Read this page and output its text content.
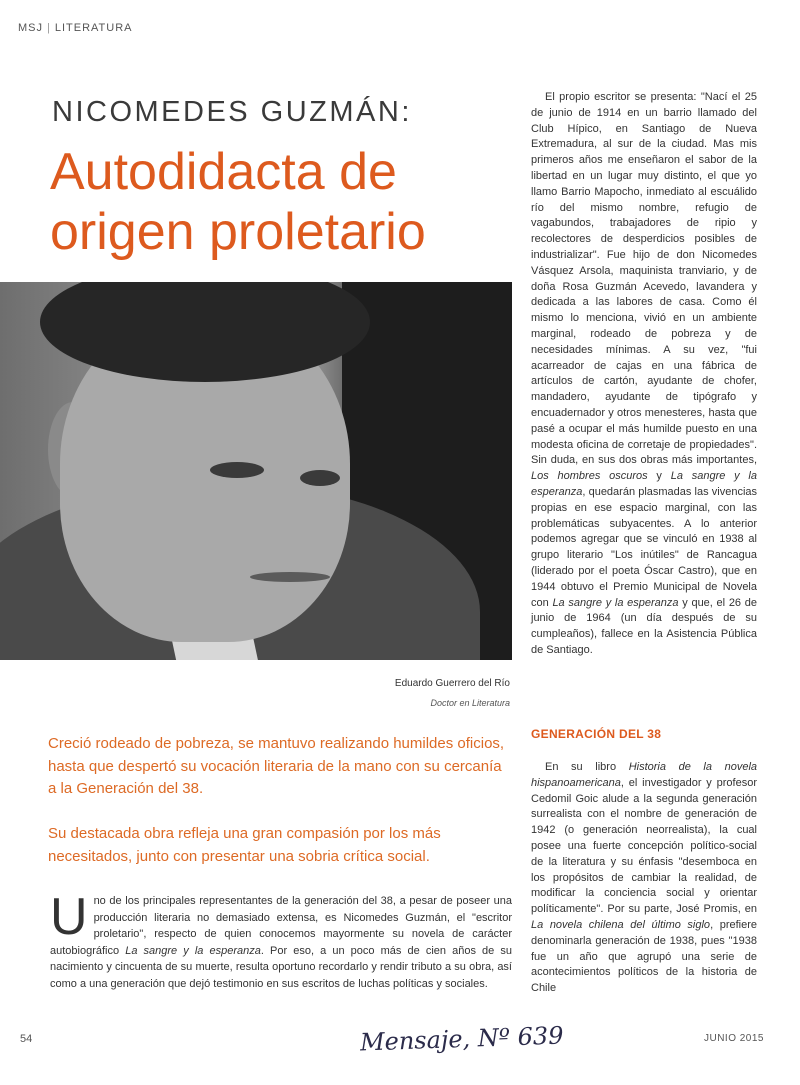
MSJ | LITERATURA
NICOMEDES GUZMÁN:
Autodidacta de origen proletario
Eduardo Guerrero del Río
Doctor en Literatura
Creció rodeado de pobreza, se mantuvo realizando humildes oficios, hasta que despertó su vocación literaria de la mano con su cercanía a la Generación del 38.
Su destacada obra refleja una gran compasión por los más necesitados, junto con presentar una sobria crítica social.
Uno de los principales representantes de la generación del 38, a pesar de poseer una producción literaria no demasiado extensa, es Nicomedes Guzmán, el "escritor proletario", respecto de quien conocemos mayormente su novela de carácter autobiográfico La sangre y la esperanza. Por eso, a un poco más de cien años de su nacimiento y cincuenta de su muerte, resulta oportuno recordarlo y rendir tributo a su obra, así como a una generación que dejó testimonio en sus escritos de luchas políticas y sociales.

El propio escritor se presenta: "Nací el 25 de junio de 1914 en un barrio llamado del Club Hípico, en Santiago de Nueva Extremadura, al sur de la ciudad. Mas mis primeros años me enseñaron el sabor de la libertad en un lugar muy distinto, el que yo llamo Barrio Mapocho, inmediato al escuálido río del mismo nombre, refugio de vagabundos, trabajadores de ripio y recolectores de desperdicios posibles de industrializar". Fue hijo de don Nicomedes Vásquez Arsola, maquinista tranviario, y de doña Rosa Guzmán Acevedo, lavandera y dedicada a las labores de casa. Como él mismo lo menciona, vivió en un ambiente marginal, rodeado de pobreza y de necesidades mínimas. A su vez, "fui acarreador de cajas en una fábrica de artículos de cartón, ayudante de chofer, mandadero, ayudante de tipógrafo y encuadernador y otros menesteres, hasta que pasé a ocupar el más humilde puesto en una modesta oficina de corretaje de propiedades". Sin duda, en sus dos obras más importantes, Los hombres oscuros y La sangre y la esperanza, quedarán plasmadas las vivencias propias en ese espacio marginal, con las problemáticas subyacentes. A lo anterior podemos agregar que se vinculó en 1938 al grupo literario "Los inútiles" de Rancagua (liderado por el poeta Óscar Castro), que en 1944 obtuvo el Premio Municipal de Novela con La sangre y la esperanza y que, el 26 de junio de 1964 (un día después de su cumpleaños), fallece en la Asistencia Pública de Santiago.

GENERACIÓN DEL 38

En su libro Historia de la novela hispanoamericana, el investigador y profesor Cedomil Goic alude a la segunda generación surrealista con el nombre de generación de 1942 (o generación neorrealista), la cual posee una fuerte concepción político-social de la literatura y su énfasis "desemboca en los propósitos de cambiar la realidad, de modificar la conciencia social y orientar políticamente". Por su parte, José Promis, en La novela chilena del último siglo, prefiere denominarla generación de 1938, pues "1938 fue un año que agrupó una serie de acontecimientos políticos de la historia de Chile

54	Mensaje, Nº 639	JUNIO 2015
